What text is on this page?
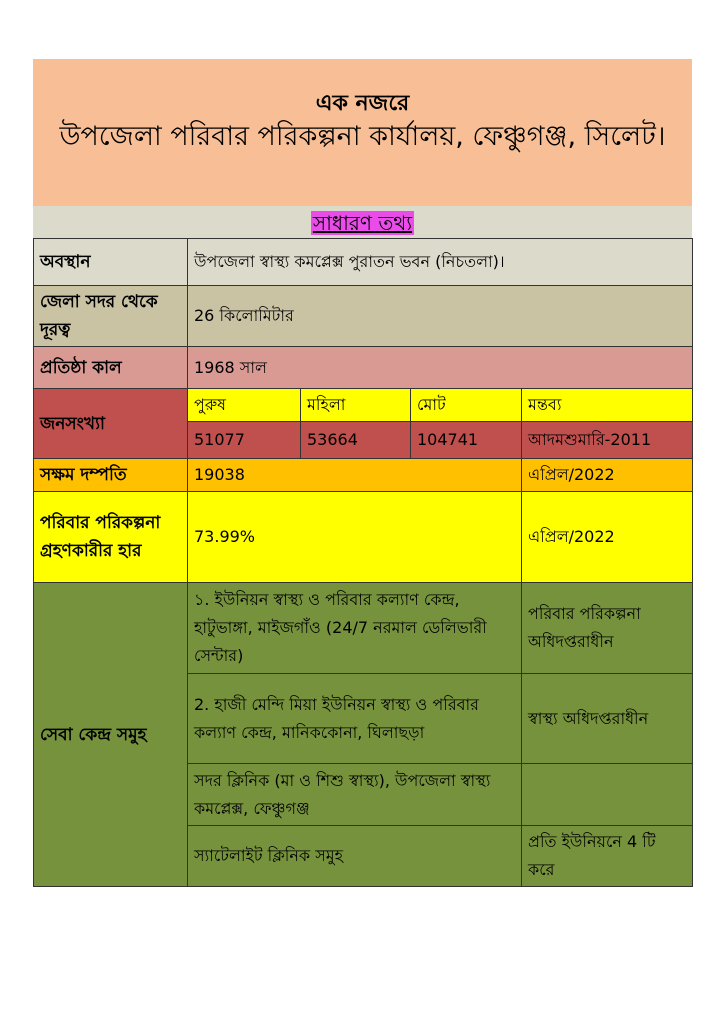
এক নজরে
উপজেলা পরিবার পরিকল্পনা কার্যালয়, ফেঞ্চুগঞ্জ, সিলেট।
সাধারণ তথ্য
অবস্থান	উপজেলা স্বাস্থ্য কমপ্লেক্স পুরাতন ভবন (নিচতলা)।			
জেলা সদর থেকে দূরত্ব	26 কিলোমিটার			
প্রতিষ্ঠা কাল	1968 সাল			
জনসংখ্যা	পুরুষ	মহিলা	মোট	মন্তব্য
	51077	53664	104741	আদমশুমারি-2011
সক্ষম দম্পতি	19038			এপ্রিল/2022
পরিবার পরিকল্পনা গ্রহণকারীর হার	73.99%			এপ্রিল/2022
সেবা কেন্দ্র সমুহ	১. ইউনিয়ন স্বাস্থ্য ও পরিবার কল্যাণ কেন্দ্র, হাটুভাঙ্গা, মাইজগাঁও (24/7 নরমাল ডেলিভারী সেন্টার)			পরিবার পরিকল্পনা অধিদপ্তরাধীন
	2. হাজী মেন্দি মিয়া ইউনিয়ন স্বাস্থ্য ও পরিবার কল্যাণ কেন্দ্র, মানিককোনা, ঘিলাছড়া			স্বাস্থ্য অধিদপ্তরাধীন
	সদর ক্লিনিক (মা ও শিশু স্বাস্থ্য), উপজেলা স্বাস্থ্য কমপ্লেক্স, ফেঞ্চুগঞ্জ			
	স্যাটেলাইট ক্লিনিক সমুহ			প্রতি ইউনিয়নে 4 টি করে
